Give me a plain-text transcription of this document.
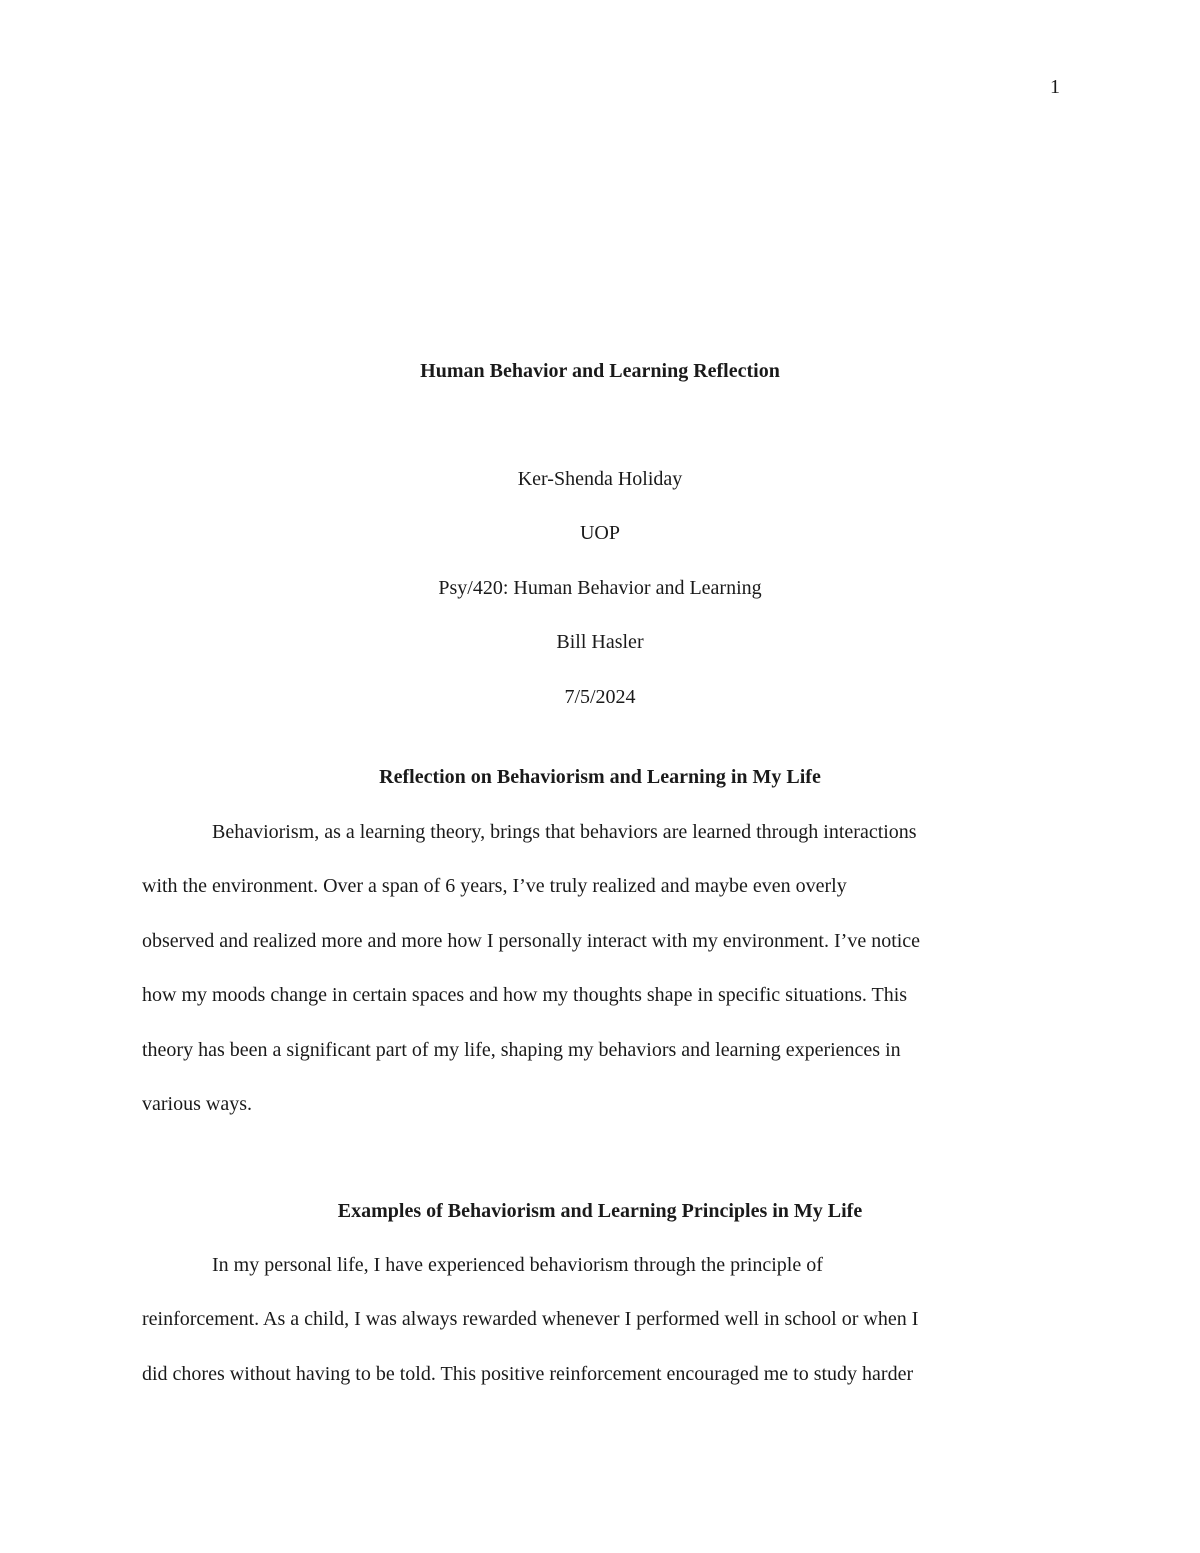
1
Human Behavior and Learning Reflection
Ker-Shenda Holiday
UOP
Psy/420: Human Behavior and Learning
Bill Hasler
7/5/2024
Reflection on Behaviorism and Learning in My Life
Behaviorism, as a learning theory, brings that behaviors are learned through interactions
with the environment. Over a span of 6 years, I’ve truly realized and maybe even overly
observed and realized more and more how I personally interact with my environment. I’ve notice
how my moods change in certain spaces and how my thoughts shape in specific situations. This
theory has been a significant part of my life, shaping my behaviors and learning experiences in
various ways.
Examples of Behaviorism and Learning Principles in My Life
In my personal life, I have experienced behaviorism through the principle of
reinforcement. As a child, I was always rewarded whenever I performed well in school or when I
did chores without having to be told. This positive reinforcement encouraged me to study harder
